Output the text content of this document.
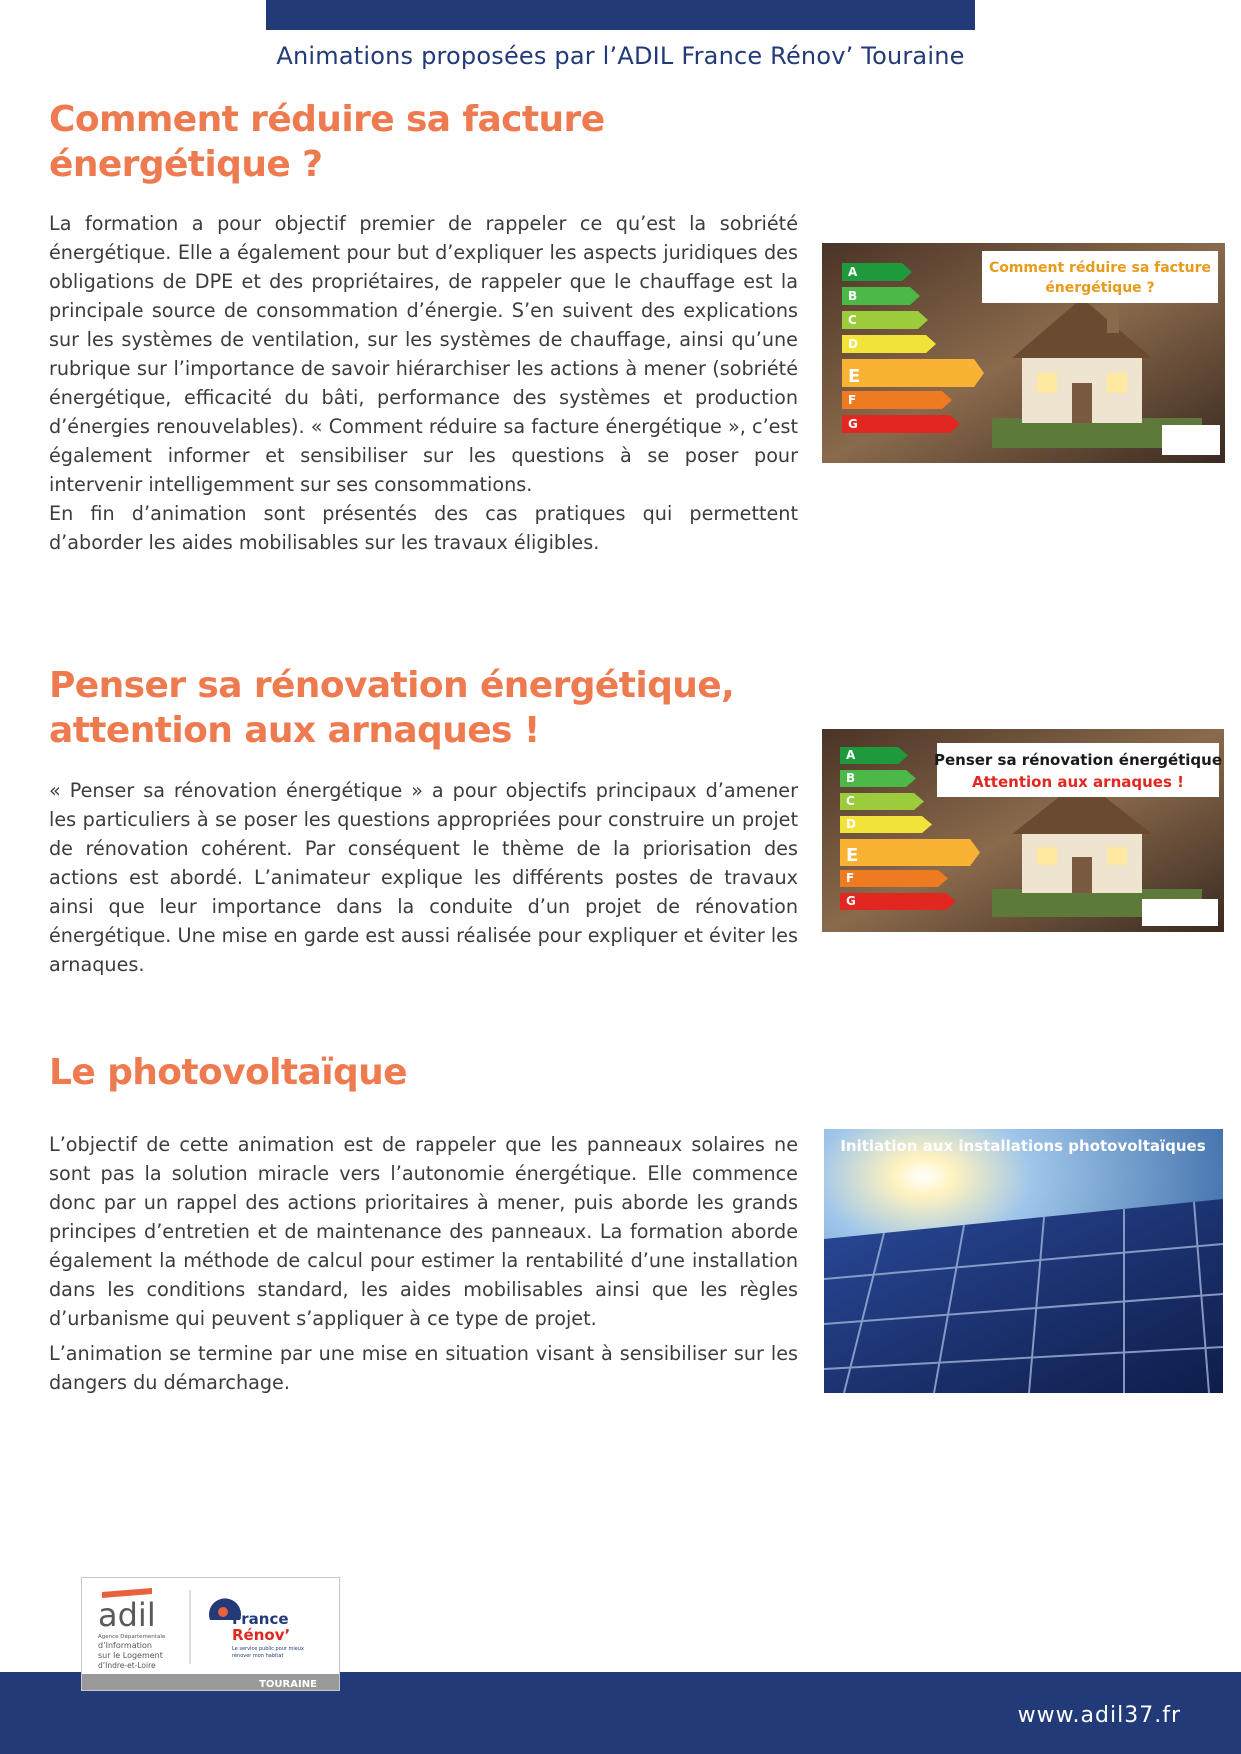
Animations proposées par l’ADIL France Rénov’ Touraine
Comment réduire sa facture
énergétique ?

La formation a pour objectif premier de rappeler ce qu’est la sobriété énergétique. Elle a également pour but d’expliquer les aspects juridiques des obligations de DPE et des propriétaires, de rappeler que le chauffage est la principale source de consommation d’énergie. S’en suivent des explications sur les systèmes de ventilation, sur les systèmes de chauffage, ainsi qu’une rubrique sur l’importance de savoir hiérarchiser les actions à mener (sobriété énergétique, efficacité du bâti, performance des systèmes et production d’énergies renouvelables). « Comment réduire sa facture énergétique », c’est également informer et sensibiliser sur les questions à se poser pour intervenir intelligemment sur ses consommations.

En fin d’animation sont présentés des cas pratiques qui permettent d’aborder les aides mobilisables sur les travaux éligibles.

A
B
C
D
E
F
G
Comment réduire sa facture
énergétique ?
Penser sa rénovation énergétique,
attention aux arnaques !

« Penser sa rénovation énergétique » a pour objectifs principaux d’amener les particuliers à se poser les questions appropriées pour construire un projet de rénovation cohérent. Par conséquent le thème de la priorisation des actions est abordé. L’animateur explique les différents postes de travaux ainsi que leur importance dans la conduite d’un projet de rénovation énergétique. Une mise en garde est aussi réalisée pour expliquer et éviter les arnaques.

A
B
C
D
E
F
G
Penser sa rénovation énergétique
Attention aux arnaques !
Le photovoltaïque

L’objectif de cette animation est de rappeler que les panneaux solaires ne sont pas la solution miracle vers l’autonomie énergétique. Elle commence donc par un rappel des actions prioritaires à mener, puis aborde les grands principes d’entretien et de maintenance des panneaux. La formation aborde également la méthode de calcul pour estimer la rentabilité d’une installation dans les conditions standard, les aides mobilisables ainsi que les règles d’urbanisme qui peuvent s’appliquer à ce type de projet.

L’animation se termine par une mise en situation visant à sensibiliser sur les dangers du démarchage.

Initiation aux installations photovoltaïques
www.adil37.fr
TOURAINE
adil
Agence Départementale
d’Information
sur le Logement
d’Indre-et-Loire
France
Rénov’
Le service public pour mieux
rénover mon habitat
